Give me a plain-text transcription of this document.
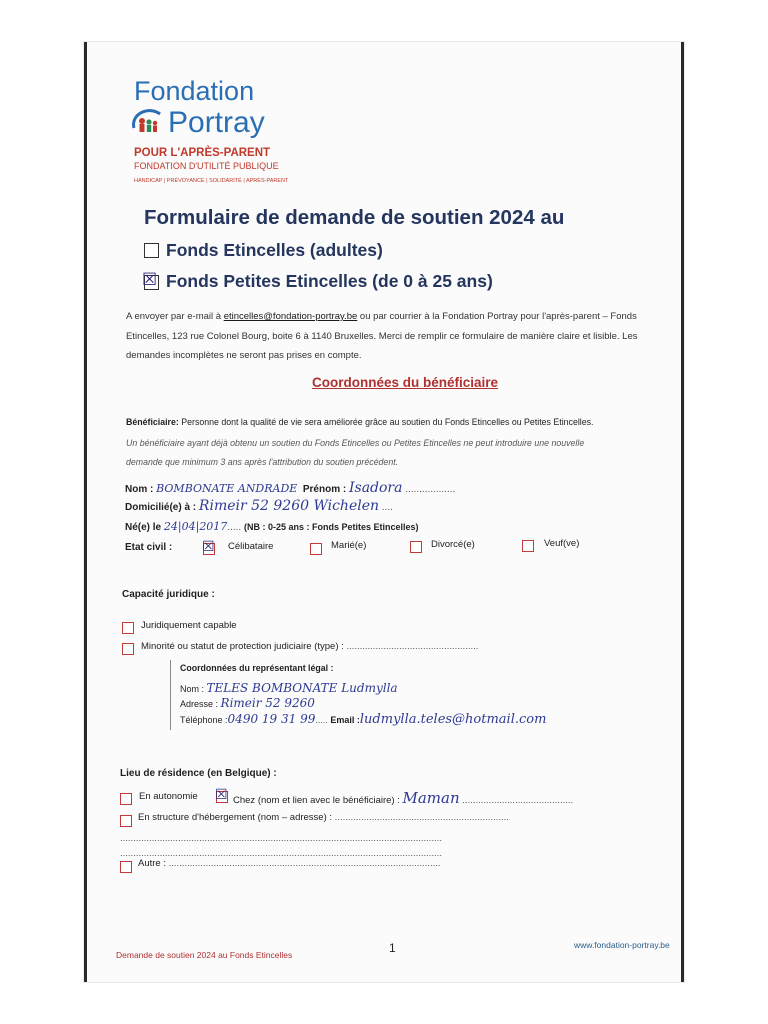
Fondation
Portray
POUR L'APRÈS-PARENT
FONDATION D'UTILITÉ PUBLIQUE
HANDICAP | PRÉVOYANCE | SOLIDARITÉ | APRÈS-PARENT
Formulaire de demande de soutien 2024 au
Fonds Etincelles (adultes)
☒ Fonds Petites Etincelles (de 0 à 25 ans)
A envoyer par e-mail à etincelles@fondation-portray.be ou par courrier à la Fondation Portray pour l'après-parent – Fonds
Etincelles, 123 rue Colonel Bourg, boite 6 à 1140 Bruxelles. Merci de remplir ce formulaire de manière claire et lisible. Les
demandes incomplètes ne seront pas prises en compte.
Coordonnées du bénéficiaire
Bénéficiaire: Personne dont la qualité de vie sera améliorée grâce au soutien du Fonds Etincelles ou Petites Etincelles.
Un bénéficiaire ayant déjà obtenu un soutien du Fonds Etincelles ou Petites Etincelles ne peut introduire une nouvelle
demande que minimum 3 ans après l'attribution du soutien précédent.
Nom : BOMBONATE ANDRADE Prénom : Isadora ..................
Domicilié(e) à : Rimeir 52 9260 Wichelen ....
Né(e) le 24|04|2017..... (NB : 0-25 ans : Fonds Petites Etincelles)
Etat civil : ☒ Célibataire	Marié(e)	Divorcé(e)	Veuf(ve)
Capacité juridique :
Juridiquement capable
Minorité ou statut de protection judiciaire (type) : ..................................................
Coordonnées du représentant légal :
Nom : TELES BOMBONATE Ludmylla
Adresse : Rimeir 52 9260
Téléphone :0490 19 31 99..... Email :ludmylla.teles@hotmail.com
Lieu de résidence (en Belgique) :
En autonomie ☒ Chez (nom et lien avec le bénéficiaire) : Maman ..........................................
En structure d'hébergement (nom – adresse) : ..................................................................
..........................................................................................................................
..........................................................................................................................
Autre : .......................................................................................................
Demande de soutien 2024 au Fonds Etincelles	1	www.fondation-portray.be
